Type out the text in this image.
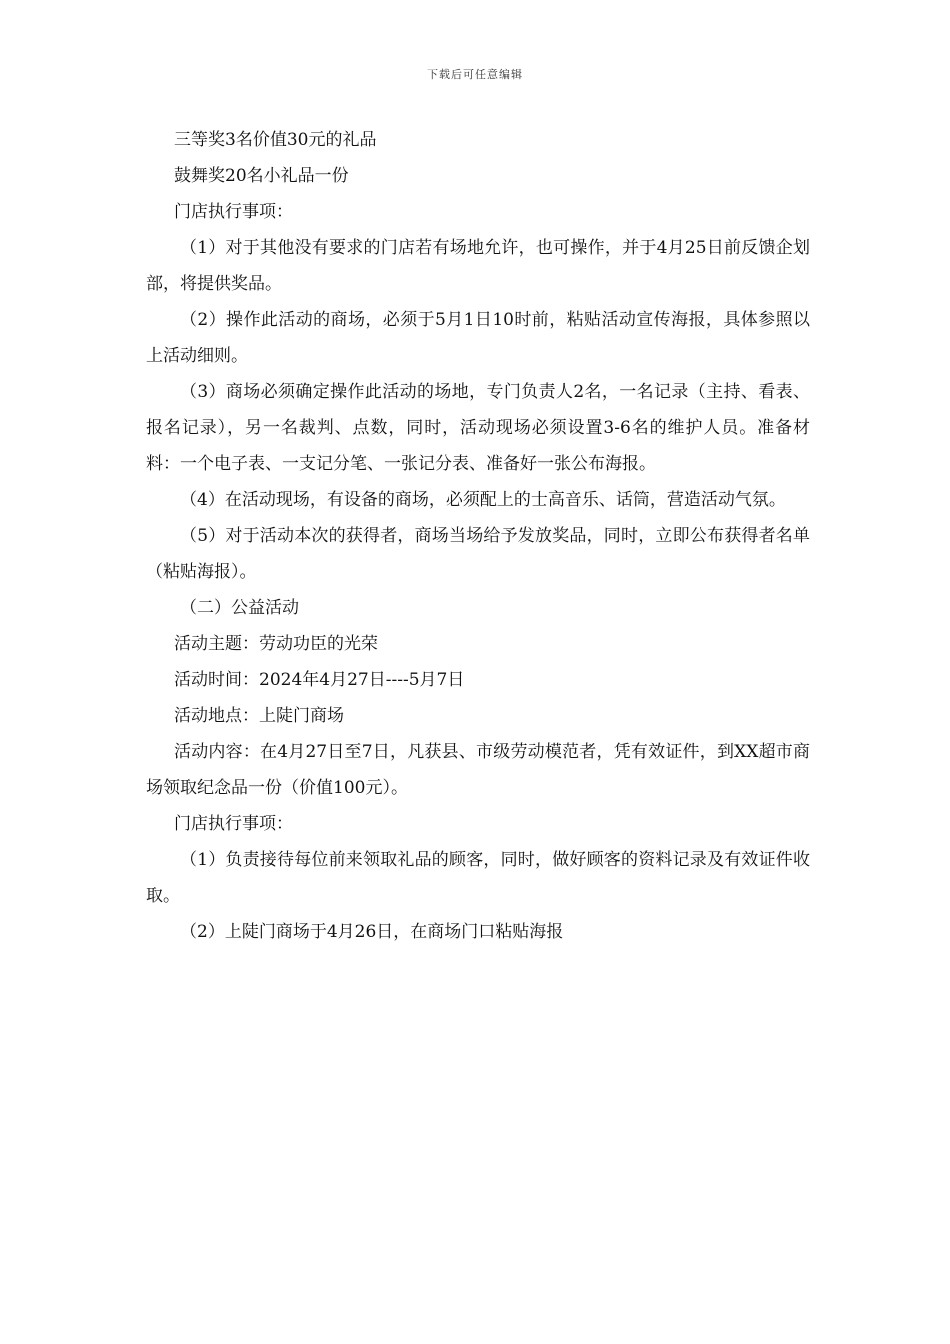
下载后可任意编辑

三等奖3名价值30元的礼品

鼓舞奖20名小礼品一份

门店执行事项：

（1）对于其他没有要求的门店若有场地允许，也可操作，并于4月25日前反馈企划部，将提供奖品。

（2）操作此活动的商场，必须于5月1日10时前，粘贴活动宣传海报，具体参照以上活动细则。

（3）商场必须确定操作此活动的场地，专门负责人2名，一名记录（主持、看表、报名记录），另一名裁判、点数，同时，活动现场必须设置3-6名的维护人员。准备材料：一个电子表、一支记分笔、一张记分表、准备好一张公布海报。

（4）在活动现场，有设备的商场，必须配上的士高音乐、话筒，营造活动气氛。

（5）对于活动本次的获得者，商场当场给予发放奖品，同时，立即公布获得者名单（粘贴海报）。

（二）公益活动

活动主题：劳动功臣的光荣

活动时间：2024年4月27日----5月7日

活动地点：上陡门商场

活动内容：在4月27日至7日，凡获县、市级劳动模范者，凭有效证件，到XX超市商场领取纪念品一份（价值100元）。

门店执行事项：

（1）负责接待每位前来领取礼品的顾客，同时，做好顾客的资料记录及有效证件收取。

（2）上陡门商场于4月26日，在商场门口粘贴海报
